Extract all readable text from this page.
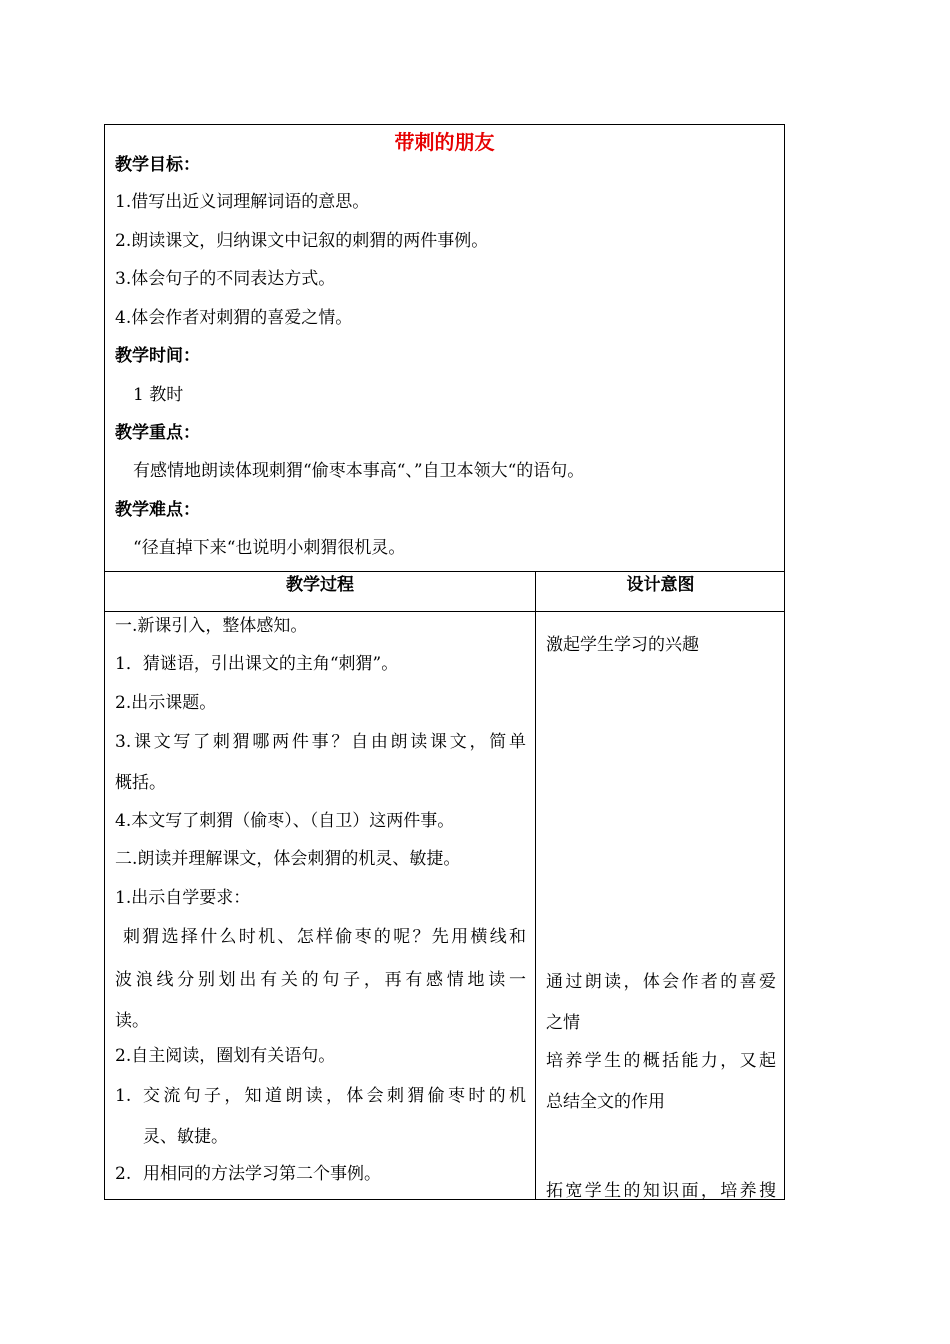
带刺的朋友
教学目标：
1.借写出近义词理解词语的意思。
2.朗读课文，归纳课文中记叙的刺猬的两件事例。
3.体会句子的不同表达方式。
4.体会作者对刺猬的喜爱之情。
教学时间：
1 教时
教学重点：
有感情地朗读体现刺猬“偷枣本事高“、”自卫本领大“的语句。
教学难点：
“径直掉下来“也说明小刺猬很机灵。
教学过程	设计意图
一.新课引入，整体感知。
1．猜谜语，引出课文的主角“刺猬”。
2.出示课题。
3.课文写了刺猬哪两件事？自由朗读课文，简单
概括。
4.本文写了刺猬（偷枣）、（自卫）这两件事。
二.朗读并理解课文，体会刺猬的机灵、敏捷。
1.出示自学要求：
刺猬选择什么时机、怎样偷枣的呢？先用横线和
波浪线分别划出有关的句子，再有感情地读一
读。
2.自主阅读，圈划有关语句。
1. 交流句子，知道朗读，体会刺猬偷枣时的机
灵、敏捷。
2. 用相同的方法学习第二个事例。
激起学生学习的兴趣
通过朗读，体会作者的喜爱
之情
培养学生的概括能力，又起
总结全文的作用
拓宽学生的知识面，培养搜
